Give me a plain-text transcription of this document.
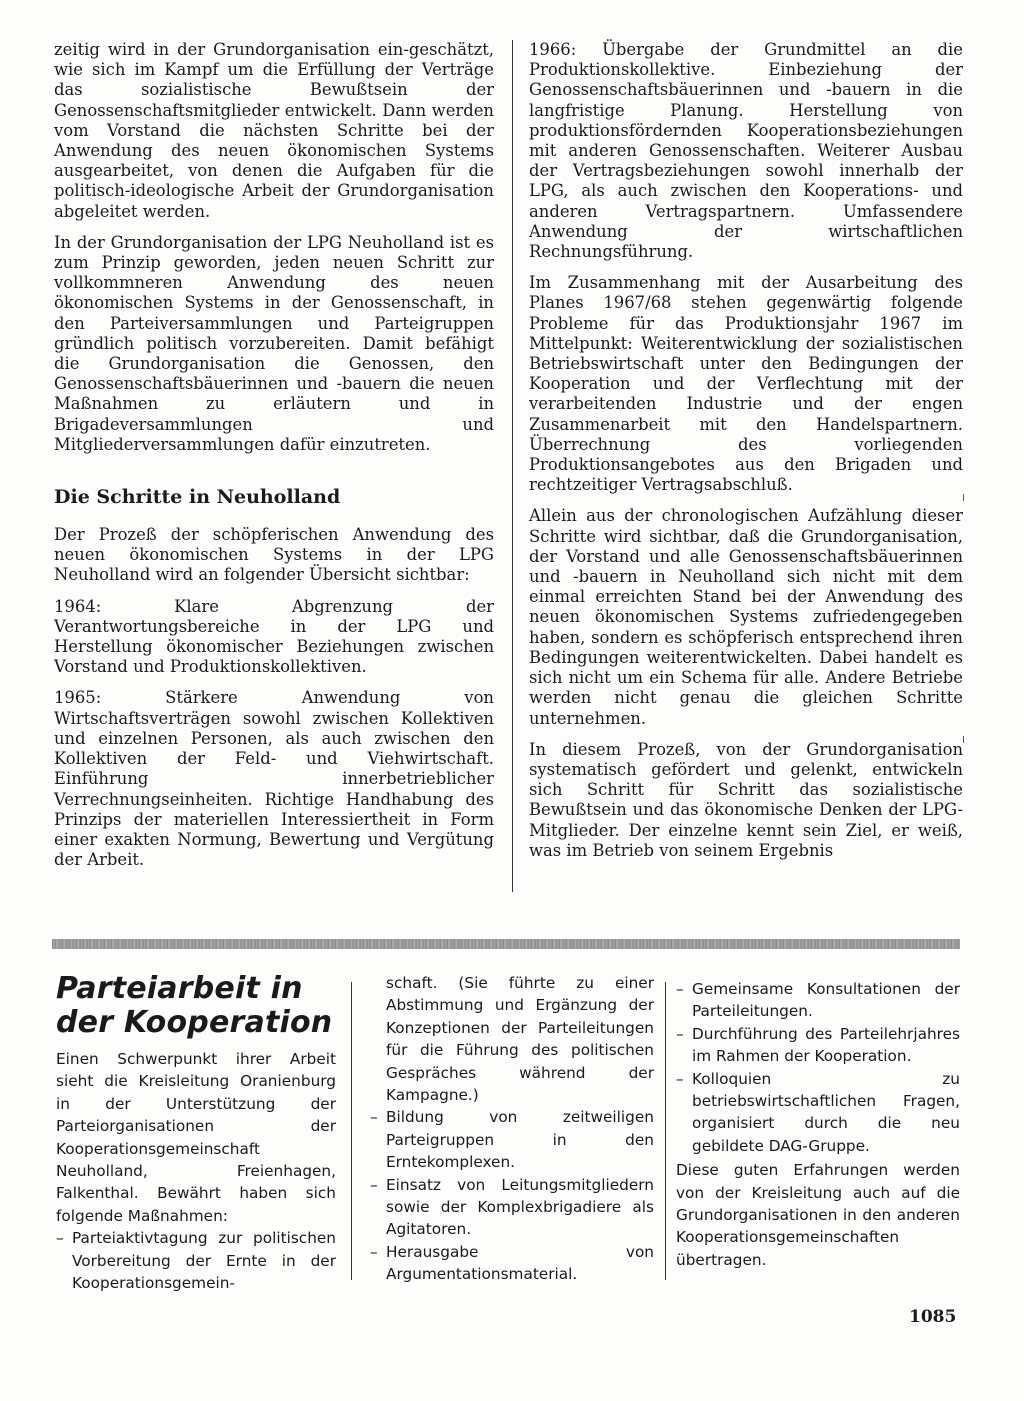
zeitig wird in der Grundorganisation ein-geschätzt, wie sich im Kampf um die Erfüllung der Verträge das sozialistische Bewußtsein der Genossenschaftsmitglieder entwickelt. Dann werden vom Vorstand die nächsten Schritte bei der Anwendung des neuen ökonomischen Systems ausgearbeitet, von denen die Aufgaben für die politisch-ideologische Arbeit der Grundorganisation abgeleitet werden.

In der Grundorganisation der LPG Neuholland ist es zum Prinzip geworden, jeden neuen Schritt zur vollkommneren Anwendung des neuen ökonomischen Systems in der Genossenschaft, in den Parteiversammlungen und Parteigruppen gründlich politisch vorzubereiten. Damit befähigt die Grundorganisation die Genossen, den Genossenschaftsbäuerinnen und -bauern die neuen Maßnahmen zu erläutern und in Brigadeversammlungen und Mitgliederversammlungen dafür einzutreten.

Die Schritte in Neuholland

Der Prozeß der schöpferischen Anwendung des neuen ökonomischen Systems in der LPG Neuholland wird an folgender Übersicht sichtbar:

1964: Klare Abgrenzung der Verantwortungsbereiche in der LPG und Herstellung ökonomischer Beziehungen zwischen Vorstand und Produktionskollektiven.

1965: Stärkere Anwendung von Wirtschaftsverträgen sowohl zwischen Kollektiven und einzelnen Personen, als auch zwischen den Kollektiven der Feld- und Viehwirtschaft. Einführung innerbetrieblicher Verrechnungseinheiten. Richtige Handhabung des Prinzips der materiellen Interessiertheit in Form einer exakten Normung, Bewertung und Vergütung der Arbeit.

1966: Übergabe der Grundmittel an die Produktionskollektive. Einbeziehung der Genossenschaftsbäuerinnen und -bauern in die langfristige Planung. Herstellung von produktionsfördernden Kooperationsbeziehungen mit anderen Genossenschaften. Weiterer Ausbau der Vertragsbeziehungen sowohl innerhalb der LPG, als auch zwischen den Kooperations- und anderen Vertragspartnern. Umfassendere Anwendung der wirtschaftlichen Rechnungsführung.

Im Zusammenhang mit der Ausarbeitung des Planes 1967/68 stehen gegenwärtig folgende Probleme für das Produktionsjahr 1967 im Mittelpunkt: Weiterentwicklung der sozialistischen Betriebswirtschaft unter den Bedingungen der Kooperation und der Verflechtung mit der verarbeitenden Industrie und der engen Zusammenarbeit mit den Handelspartnern. Überrechnung des vorliegenden Produktionsangebotes aus den Brigaden und rechtzeitiger Vertragsabschluß.

Allein aus der chronologischen Aufzählung dieser Schritte wird sichtbar, daß die Grundorganisation, der Vorstand und alle Genossenschaftsbäuerinnen und -bauern in Neuholland sich nicht mit dem einmal erreichten Stand bei der Anwendung des neuen ökonomischen Systems zufriedengegeben haben, sondern es schöpferisch entsprechend ihren Bedingungen weiterentwickelten. Dabei handelt es sich nicht um ein Schema für alle. Andere Betriebe werden nicht genau die gleichen Schritte unternehmen.

In diesem Prozeß, von der Grundorganisation systematisch gefördert und gelenkt, entwickeln sich Schritt für Schritt das sozialistische Bewußtsein und das ökonomische Denken der LPG-Mitglieder. Der einzelne kennt sein Ziel, er weiß, was im Betrieb von seinem Ergebnis

Parteiarbeit in der Kooperation

Einen Schwerpunkt ihrer Arbeit sieht die Kreisleitung Oranienburg in der Unterstützung der Parteiorganisationen der Kooperationsgemeinschaft Neuholland, Freienhagen, Falkenthal. Bewährt haben sich folgende Maßnahmen:

– Parteiaktivtagung zur politischen Vorbereitung der Ernte in der Kooperationsgemein-

schaft. (Sie führte zu einer Abstimmung und Ergänzung der Konzeptionen der Parteileitungen für die Führung des politischen Gespräches während der Kampagne.)

– Bildung von zeitweiligen Parteigruppen in den Erntekomplexen.
– Einsatz von Leitungsmitgliedern sowie der Komplexbrigadiere als Agitatoren.
– Herausgabe von Argumentationsmaterial.
– Gemeinsame Konsultationen der Parteileitungen.
– Durchführung des Parteilehrjahres im Rahmen der Kooperation.
– Kolloquien zu betriebswirtschaftlichen Fragen, organisiert durch die neu gebildete DAG-Gruppe.

Diese guten Erfahrungen werden von der Kreisleitung auch auf die Grundorganisationen in den anderen Kooperationsgemeinschaften übertragen.

1085
